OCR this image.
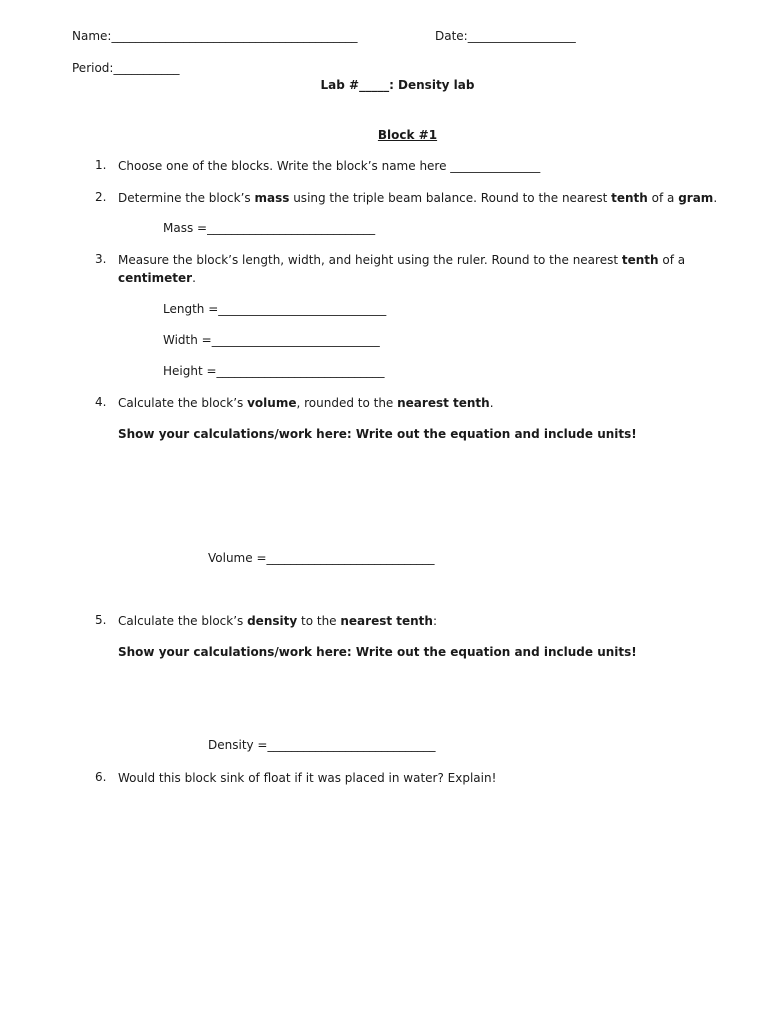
Name:_________________________________________	Date:__________________
Period:___________
Lab #_____: Density lab
Block #1
1. Choose one of the blocks. Write the block’s name here _______________
2. Determine the block’s mass using the triple beam balance. Round to the nearest tenth of a gram.
Mass =____________________________
3. Measure the block’s length, width, and height using the ruler. Round to the nearest tenth of a
centimeter.
Length =____________________________
Width =____________________________
Height =____________________________
4. Calculate the block’s volume, rounded to the nearest tenth.
Show your calculations/work here: Write out the equation and include units!
Volume =____________________________
5. Calculate the block’s density to the nearest tenth:
Show your calculations/work here: Write out the equation and include units!
Density =____________________________
6. Would this block sink of float if it was placed in water? Explain!
